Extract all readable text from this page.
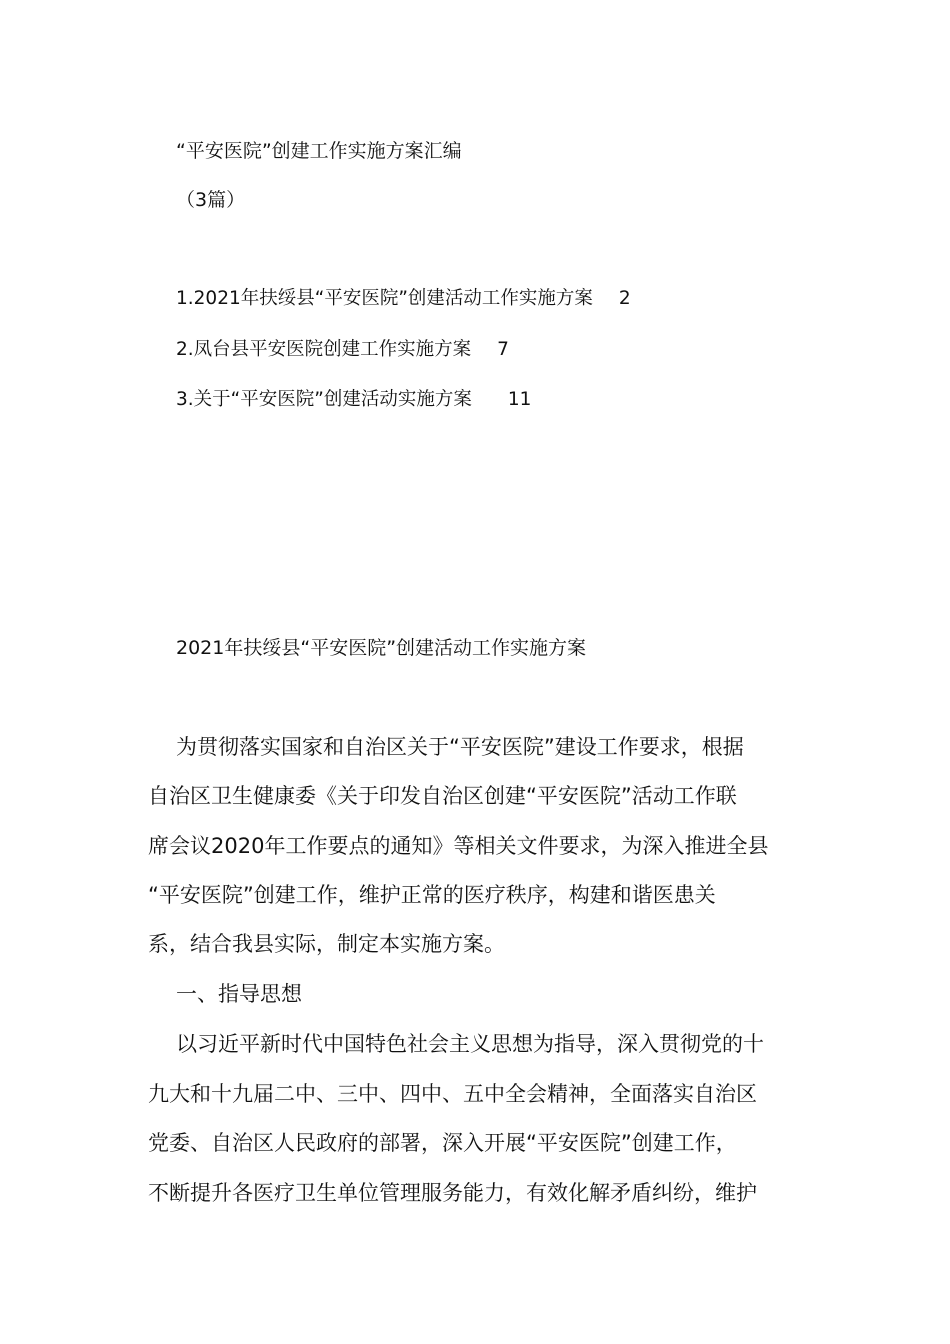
“平安医院”创建工作实施方案汇编
（3篇）
1.2021年扶绥县“平安医院”创建活动工作实施方案 2
2.凤台县平安医院创建工作实施方案 7
3.关于“平安医院”创建活动实施方案 11
2021年扶绥县“平安医院”创建活动工作实施方案
为贯彻落实国家和自治区关于“平安医院”建设工作要求，根据
自治区卫生健康委《关于印发自治区创建“平安医院”活动工作联
席会议2020年工作要点的通知》等相关文件要求，为深入推进全县
“平安医院”创建工作，维护正常的医疗秩序，构建和谐医患关
系，结合我县实际，制定本实施方案。
一、指导思想
以习近平新时代中国特色社会主义思想为指导，深入贯彻党的十
九大和十九届二中、三中、四中、五中全会精神，全面落实自治区
党委、自治区人民政府的部署，深入开展“平安医院”创建工作，
不断提升各医疗卫生单位管理服务能力，有效化解矛盾纠纷，维护
